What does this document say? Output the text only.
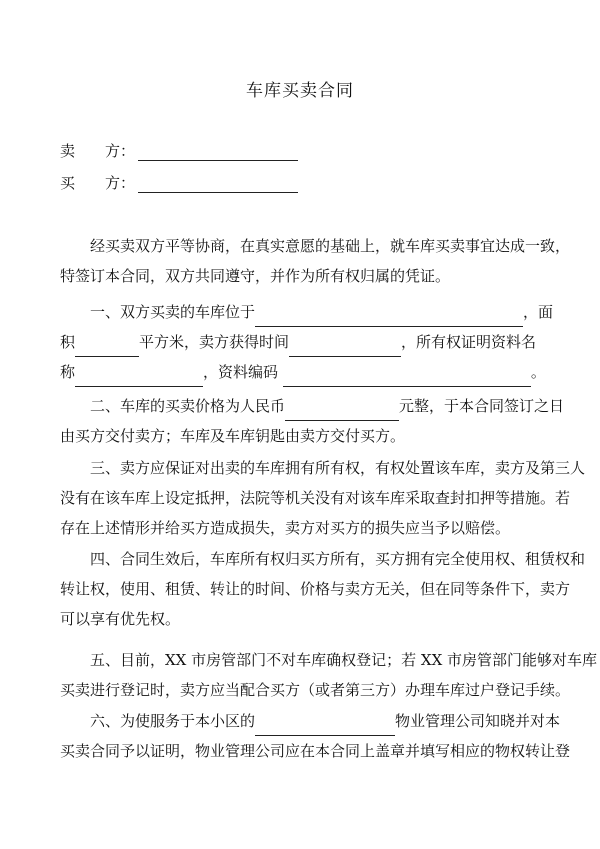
车库买卖合同
卖　　方：
买　　方：
经买卖双方平等协商，在真实意愿的基础上，就车库买卖事宜达成一致，
特签订本合同，双方共同遵守，并作为所有权归属的凭证。
一、双方买卖的车库位于	，面
积	平方米，卖方获得时间	，所有权证明资料名
称	，资料编码	。
二、车库的买卖价格为人民币	元整，于本合同签订之日
由买方交付卖方；车库及车库钥匙由卖方交付买方。
三、卖方应保证对出卖的车库拥有所有权，有权处置该车库，卖方及第三人
没有在该车库上设定抵押，法院等机关没有对该车库采取查封扣押等措施。若
存在上述情形并给买方造成损失，卖方对买方的损失应当予以赔偿。
四、合同生效后，车库所有权归买方所有，买方拥有完全使用权、租赁权和
转让权，使用、租赁、转让的时间、价格与卖方无关，但在同等条件下，卖方
可以享有优先权。
五、目前，XX 市房管部门不对车库确权登记；若 XX 市房管部门能够对车库
买卖进行登记时，卖方应当配合买方（或者第三方）办理车库过户登记手续。
六、为使服务于本小区的	物业管理公司知晓并对本
买卖合同予以证明，物业管理公司应在本合同上盖章并填写相应的物权转让登
